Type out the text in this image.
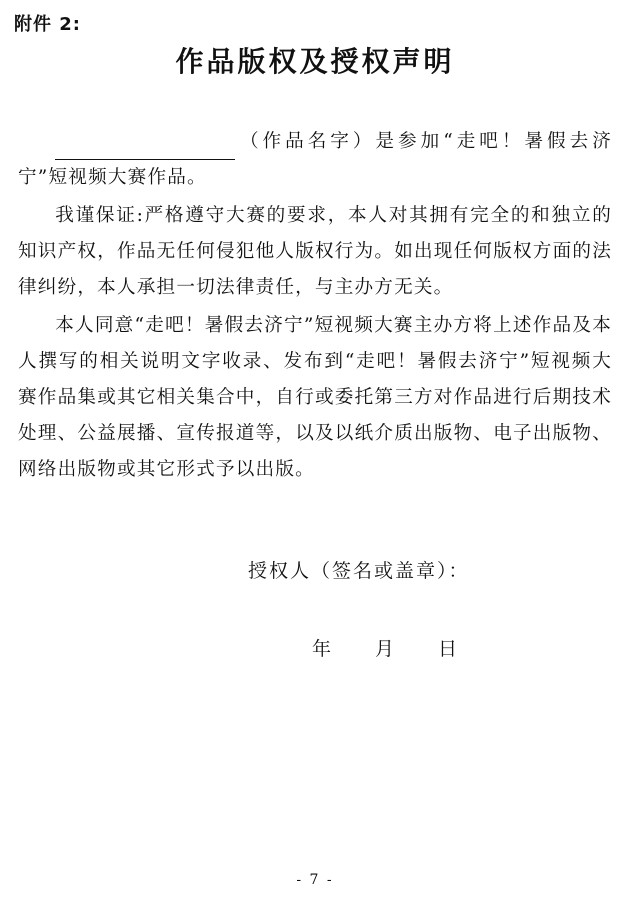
附件 2:
作品版权及授权声明

（作品名字）是参加“走吧！暑假去济宁”短视频大赛作品。

我谨保证:严格遵守大赛的要求，本人对其拥有完全的和独立的知识产权，作品无任何侵犯他人版权行为。如出现任何版权方面的法律纠纷，本人承担一切法律责任，与主办方无关。

本人同意“走吧！暑假去济宁”短视频大赛主办方将上述作品及本人撰写的相关说明文字收录、发布到“走吧！暑假去济宁”短视频大赛作品集或其它相关集合中，自行或委托第三方对作品进行后期技术处理、公益展播、宣传报道等，以及以纸介质出版物、电子出版物、网络出版物或其它形式予以出版。

授权人（签名或盖章）：
年 月 日
- 7 -
